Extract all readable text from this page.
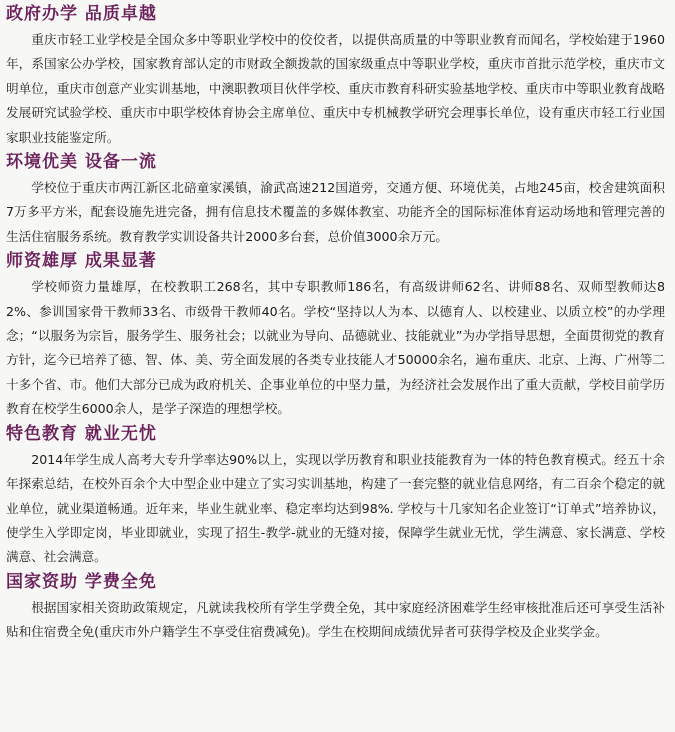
政府办学 品质卓越

重庆市轻工业学校是全国众多中等职业学校中的佼佼者，以提供高质量的中等职业教育而闻名，学校始建于1960年，系国家公办学校，国家教育部认定的市财政全额拨款的国家级重点中等职业学校，重庆市首批示范学校，重庆市文明单位，重庆市创意产业实训基地，中澳职教项目伙伴学校、重庆市教育科研实验基地学校、重庆市中等职业教育战略发展研究试验学校、重庆市中职学校体育协会主席单位、重庆中专机械教学研究会理事长单位，设有重庆市轻工行业国家职业技能鉴定所。

环境优美 设备一流

学校位于重庆市两江新区北碚童家溪镇，渝武高速212国道旁，交通方便、环境优美，占地245亩，校舍建筑面积7万多平方米，配套设施先进完备，拥有信息技术覆盖的多媒体教室、功能齐全的国际标准体育运动场地和管理完善的生活住宿服务系统。教育教学实训设备共计2000多台套，总价值3000余万元。

师资雄厚 成果显著

学校师资力量雄厚，在校教职工268名，其中专职教师186名，有高级讲师62名、讲师88名、双师型教师达82%、参训国家骨干教师33名、市级骨干教师40名。学校“坚持以人为本、以德育人、以校建业、以质立校”的办学理念；“以服务为宗旨，服务学生、服务社会；以就业为导向、品德就业、技能就业”为办学指导思想，全面贯彻党的教育方针，迄今已培养了德、智、体、美、劳全面发展的各类专业技能人才50000余名，遍布重庆、北京、上海、广州等二十多个省、市。他们大部分已成为政府机关、企事业单位的中坚力量，为经济社会发展作出了重大贡献，学校目前学历教育在校学生6000余人，是学子深造的理想学校。

特色教育 就业无忧

2014年学生成人高考大专升学率达90%以上，实现以学历教育和职业技能教育为一体的特色教育模式。经五十余年探索总结，在校外百余个大中型企业中建立了实习实训基地，构建了一套完整的就业信息网络，有二百余个稳定的就业单位，就业渠道畅通。近年来，毕业生就业率、稳定率均达到98%. 学校与十几家知名企业签订“订单式”培养协议，使学生入学即定岗，毕业即就业，实现了招生-教学-就业的无缝对接，保障学生就业无忧，学生满意、家长满意、学校满意、社会满意。

国家资助 学费全免

根据国家相关资助政策规定，凡就读我校所有学生学费全免，其中家庭经济困难学生经审核批准后还可享受生活补贴和住宿费全免(重庆市外户籍学生不享受住宿费减免)。学生在校期间成绩优异者可获得学校及企业奖学金。
